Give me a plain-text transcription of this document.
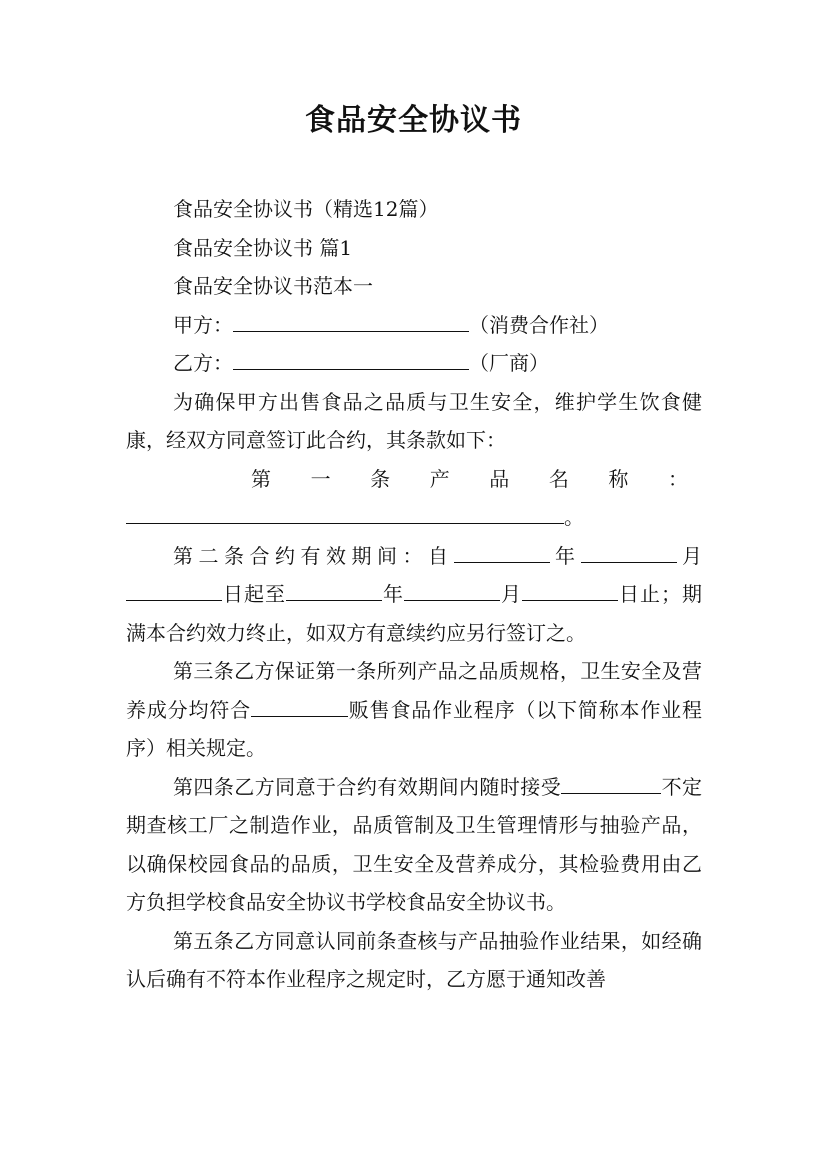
食品安全协议书
食品安全协议书（精选12篇）
食品安全协议书 篇1
食品安全协议书范本一
甲方：	（消费合作社）
乙方：	（厂商）

为确保甲方出售食品之品质与卫生安全，维护学生饮食健康，经双方同意签订此合约，其条款如下：

第 一 条 产 品 名 称 ：
。

第二条合约有效期间：自	年	月日起至	年	月	日止；期满本合约效力终止，如双方有意续约应另行签订之。

第三条乙方保证第一条所列产品之品质规格，卫生安全及营养成分均符合	贩售食品作业程序（以下简称本作业程序）相关规定。

第四条乙方同意于合约有效期间内随时接受	不定期查核工厂之制造作业，品质管制及卫生管理情形与抽验产品，以确保校园食品的品质，卫生安全及营养成分，其检验费用由乙方负担学校食品安全协议书学校食品安全协议书。

第五条乙方同意认同前条查核与产品抽验作业结果，如经确认后确有不符本作业程序之规定时，乙方愿于通知改善
